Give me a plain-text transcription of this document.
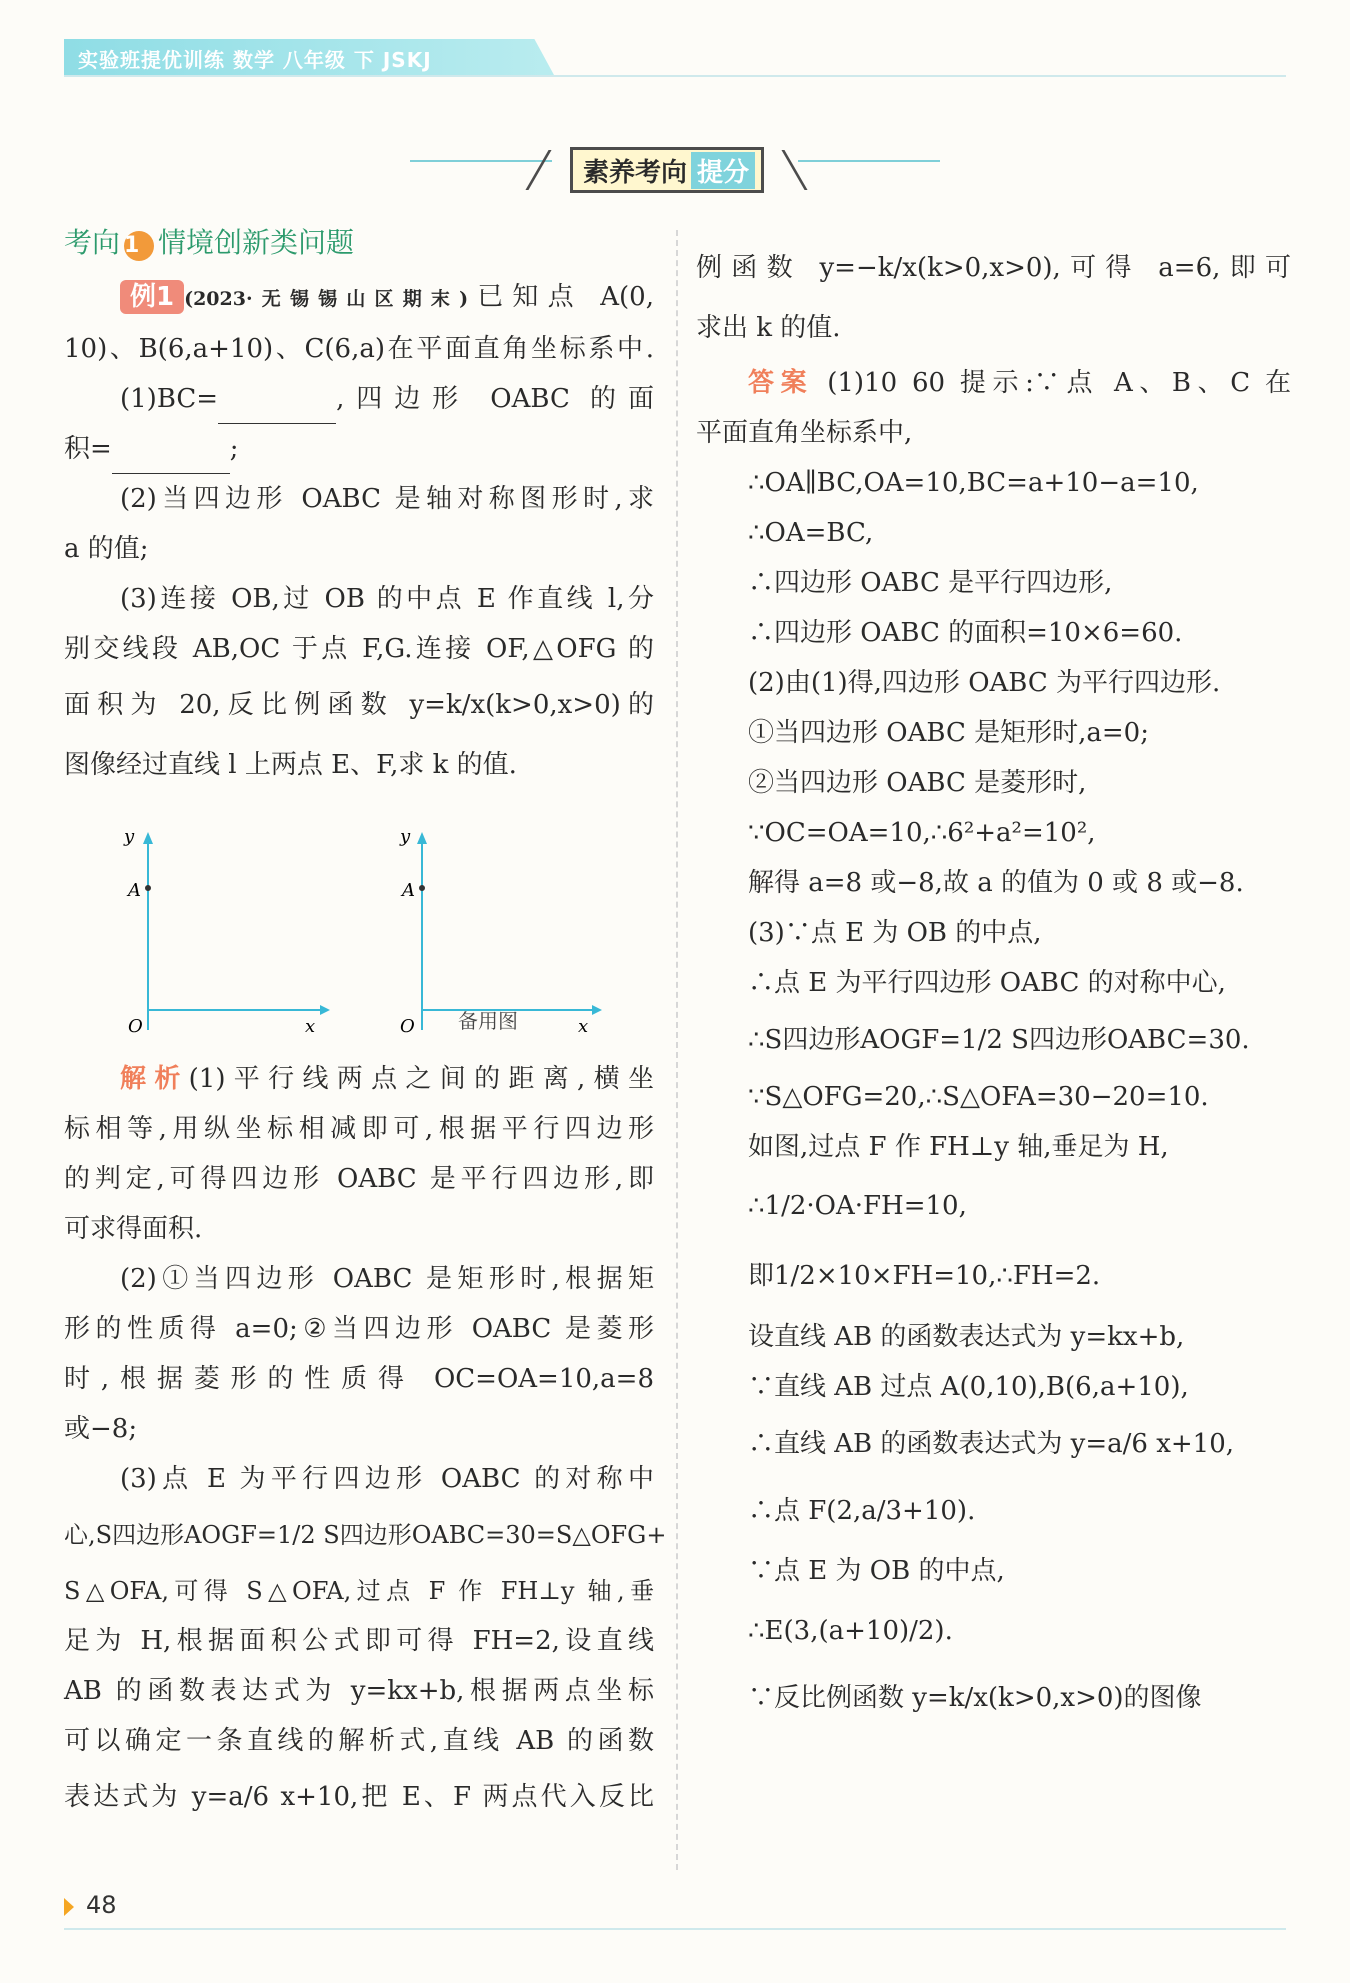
实验班提优训练 数学 八年级 下 JSKJ
素养考向 提分

考向 1 情境创新类问题

例1 (2023·无锡锡山区期末)已知点 A(0,

10)、B(6,a+10)、C(6,a)在平面直角坐标系中.

(1)BC=	,四边形 OABC 的面

积=	;

(2)当四边形 OABC 是轴对称图形时,求

a 的值;

(3)连接 OB,过 OB 的中点 E 作直线 l,分

别交线段 AB,OC 于点 F,G.连接 OF,△OFG 的

面积为 20,反比例函数 y=k/x(k>0,x>0)的

图像经过直线 l 上两点 E、F,求 k 的值.

解析(1)平行线两点之间的距离,横坐

标相等,用纵坐标相减即可,根据平行四边形

的判定,可得四边形 OABC 是平行四边形,即

可求得面积.

(2)①当四边形 OABC 是矩形时,根据矩

形的性质得 a=0;②当四边形 OABC 是菱形

时,根据菱形的性质得 OC=OA=10,a=8

或−8;

(3)点 E 为平行四边形 OABC 的对称中

心,S四边形AOGF=1/2 S四边形OABC=30=S△OFG+

S△OFA,可得 S△OFA,过点 F 作 FH⊥y 轴,垂

足为 H,根据面积公式即可得 FH=2,设直线

AB 的函数表达式为 y=kx+b,根据两点坐标

可以确定一条直线的解析式,直线 AB 的函数

表达式为 y=a/6 x+10,把 E、F 两点代入反比

y
A
O	x
y
A
O	x
备用图

例函数 y=−k/x(k>0,x>0),可得 a=6,即可

求出 k 的值.

答案 (1)10 60 提示:∵点 A、B、C 在

平面直角坐标系中,

∴OA∥BC,OA=10,BC=a+10−a=10,

∴OA=BC,

∴四边形 OABC 是平行四边形,

∴四边形 OABC 的面积=10×6=60.

(2)由(1)得,四边形 OABC 为平行四边形.

①当四边形 OABC 是矩形时,a=0;

②当四边形 OABC 是菱形时,

∵OC=OA=10,∴6²+a²=10²,

解得 a=8 或−8,故 a 的值为 0 或 8 或−8.

(3)∵点 E 为 OB 的中点,

∴点 E 为平行四边形 OABC 的对称中心,

∴S四边形AOGF=1/2 S四边形OABC=30.

∵S△OFG=20,∴S△OFA=30−20=10.

如图,过点 F 作 FH⊥y 轴,垂足为 H,

∴1/2·OA·FH=10,

即1/2×10×FH=10,∴FH=2.

设直线 AB 的函数表达式为 y=kx+b,

∵直线 AB 过点 A(0,10),B(6,a+10),

∴直线 AB 的函数表达式为 y=a/6 x+10,

∴点 F(2,a/3+10).

∵点 E 为 OB 的中点,

∴E(3,(a+10)/2).

∵反比例函数 y=k/x(k>0,x>0)的图像

48
